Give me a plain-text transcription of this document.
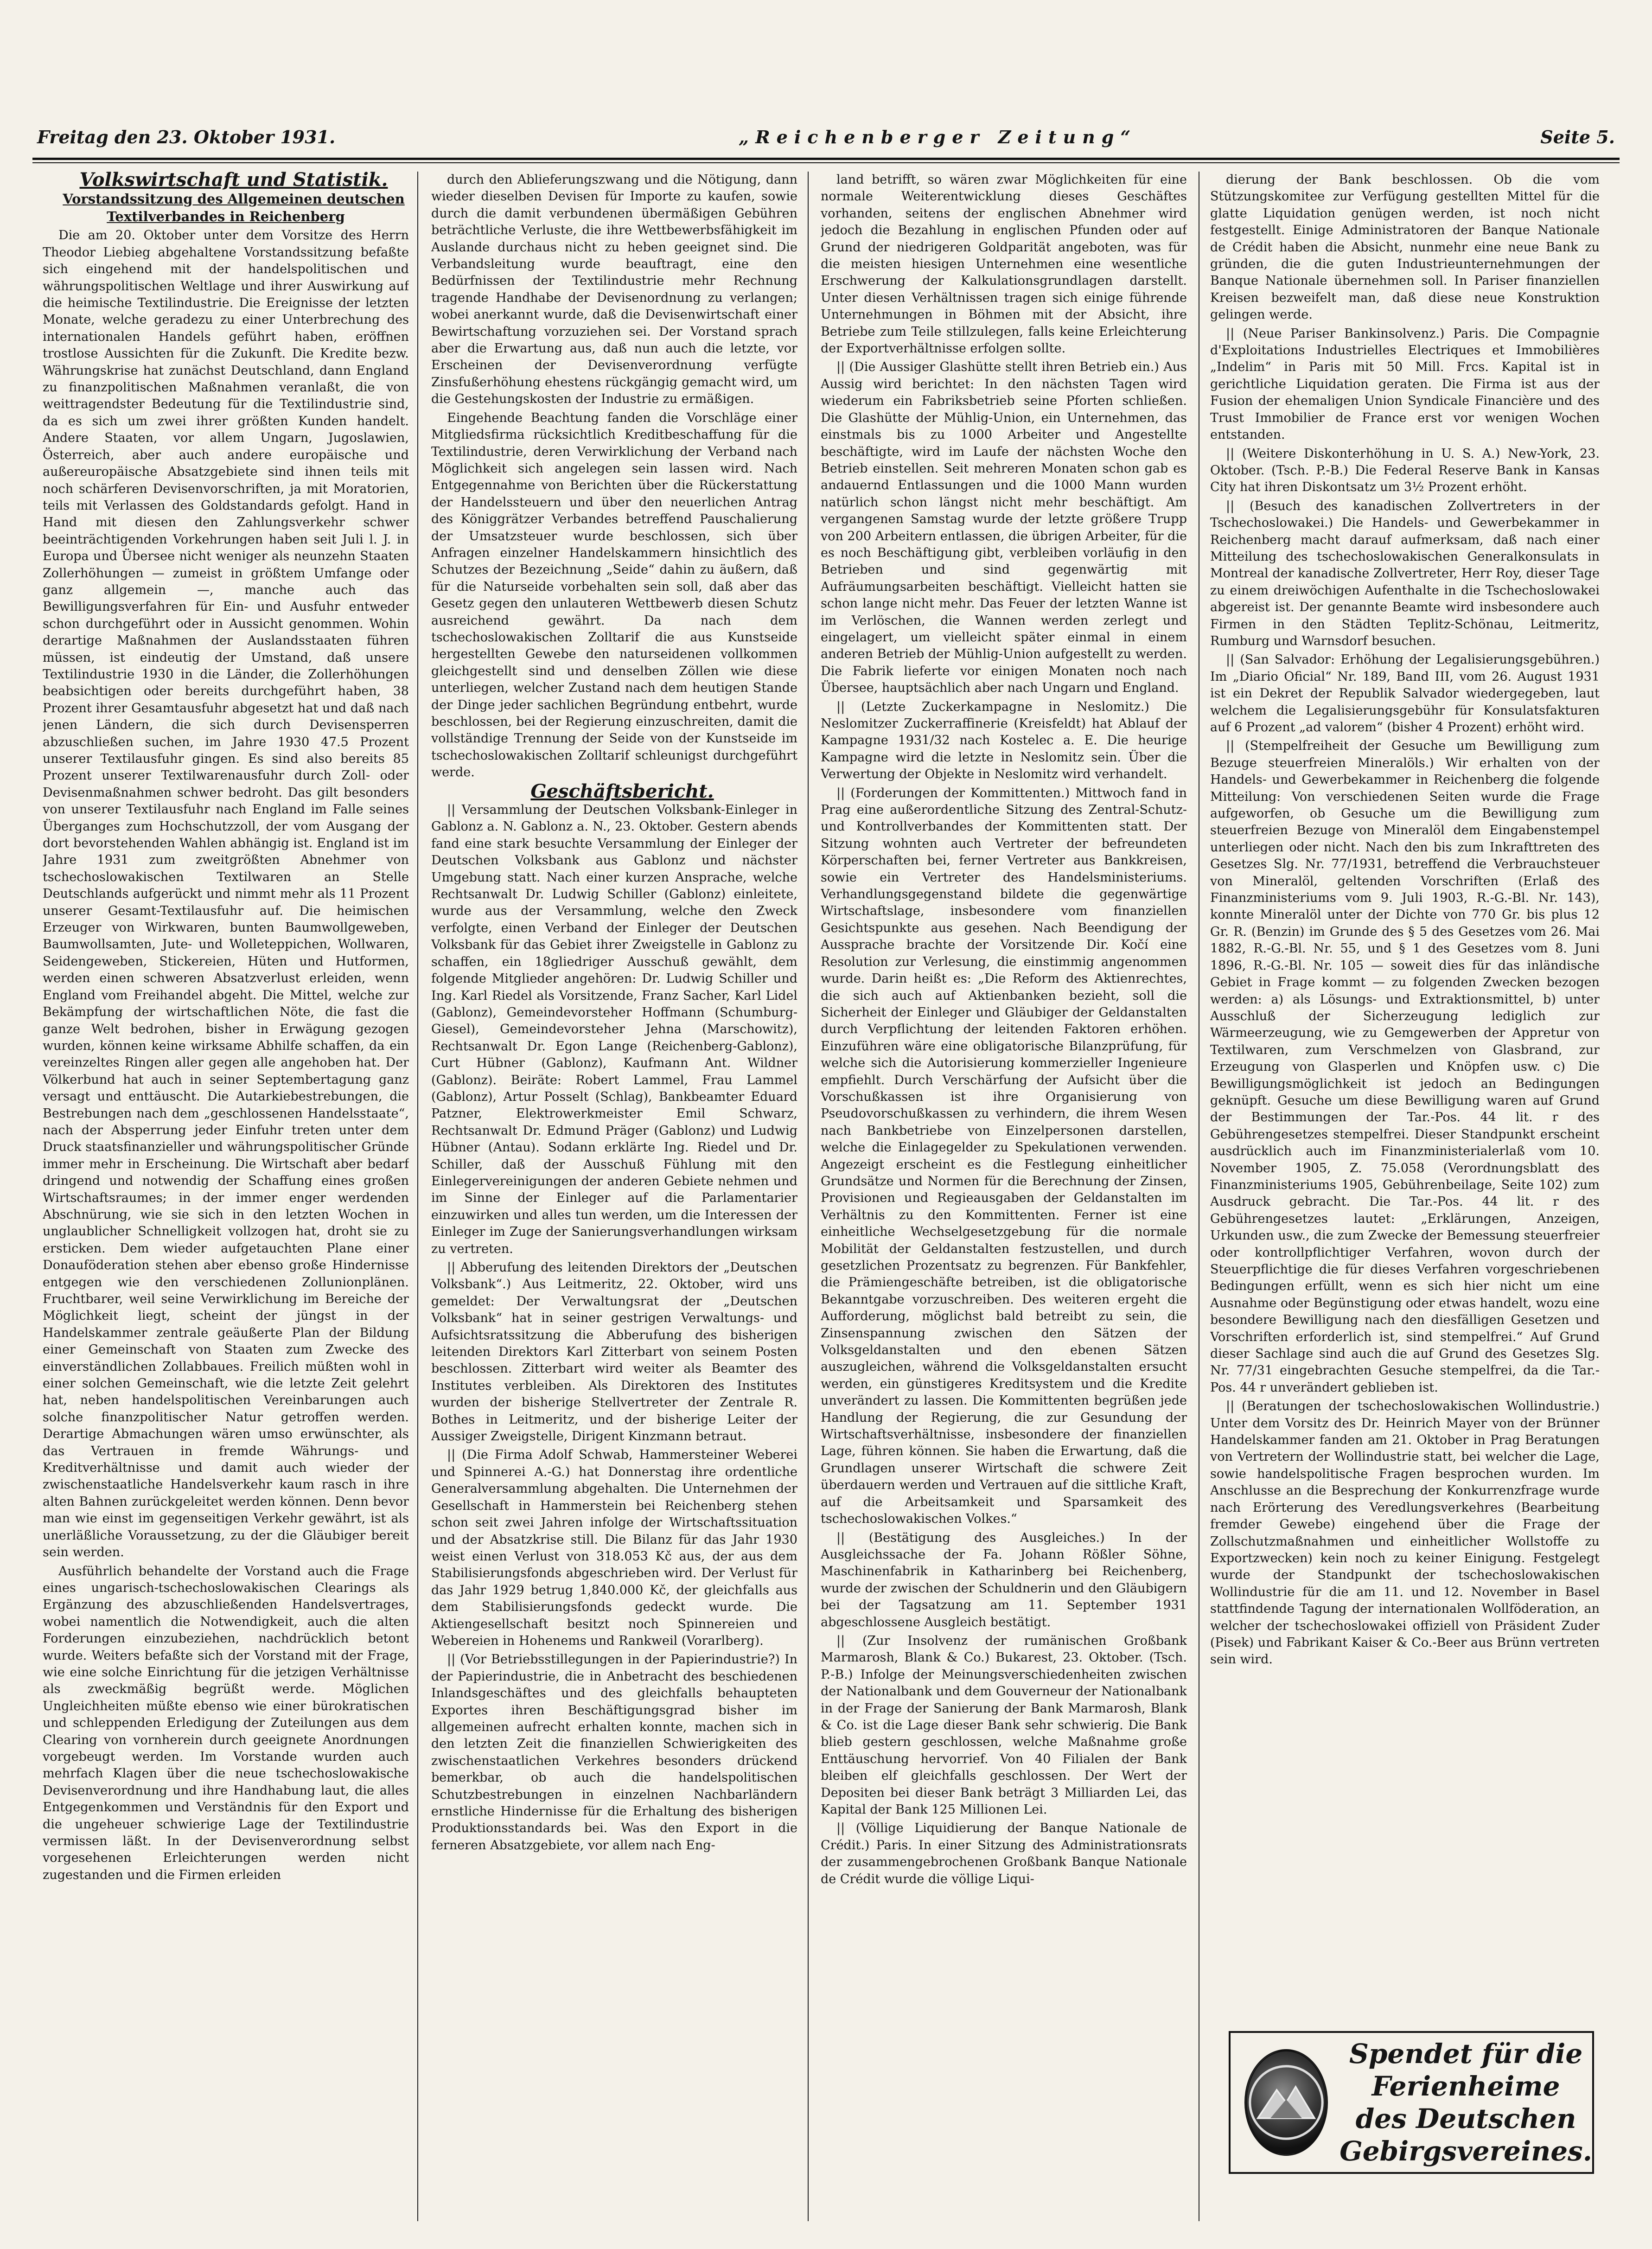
Freitag den 23. Oktober 1931.	„Reichenberger Zeitung“	Seite 5.

Volkswirtschaft und Statistik.

Vorstandssitzung des Allgemeinen deutschen Textilverbandes in Reichenberg

Die am 20. Oktober unter dem Vorsitze des Herrn Theodor Liebieg abgehaltene Vorstandssitzung befaßte sich eingehend mit der handelspolitischen und währungspolitischen Weltlage und ihrer Auswirkung auf die heimische Textilindustrie. Die Ereignisse der letzten Monate, welche geradezu zu einer Unterbrechung des internationalen Handels geführt haben, eröffnen trostlose Aussichten für die Zukunft. Die Kredite bezw. Währungskrise hat zunächst Deutschland, dann England zu finanzpolitischen Maßnahmen veranlaßt, die von weittragendster Bedeutung für die Textilindustrie sind, da es sich um zwei ihrer größten Kunden handelt. Andere Staaten, vor allem Ungarn, Jugoslawien, Österreich, aber auch andere europäische und außereuropäische Absatzgebiete sind ihnen teils mit noch schärferen Devisenvorschriften, ja mit Moratorien, teils mit Verlassen des Goldstandards gefolgt. Hand in Hand mit diesen den Zahlungsverkehr schwer beeinträchtigenden Vorkehrungen haben seit Juli l. J. in Europa und Übersee nicht weniger als neunzehn Staaten Zollerhöhungen — zumeist in größtem Umfange oder ganz allgemein —, manche auch das Bewilligungsverfahren für Ein- und Ausfuhr entweder schon durchgeführt oder in Aussicht genommen. Wohin derartige Maßnahmen der Auslandsstaaten führen müssen, ist eindeutig der Umstand, daß unsere Textilindustrie 1930 in die Länder, die Zollerhöhungen beabsichtigen oder bereits durchgeführt haben, 38 Prozent ihrer Gesamtausfuhr abgesetzt hat und daß nach jenen Ländern, die sich durch Devisensperren abzuschließen suchen, im Jahre 1930 47.5 Prozent unserer Textilausfuhr gingen. Es sind also bereits 85 Prozent unserer Textilwarenausfuhr durch Zoll- oder Devisenmaßnahmen schwer bedroht. Das gilt besonders von unserer Textilausfuhr nach England im Falle seines Überganges zum Hochschutzzoll, der vom Ausgang der dort bevorstehenden Wahlen abhängig ist. England ist im Jahre 1931 zum zweitgrößten Abnehmer von tschechoslowakischen Textilwaren an Stelle Deutschlands aufgerückt und nimmt mehr als 11 Prozent unserer Gesamt-Textilausfuhr auf. Die heimischen Erzeuger von Wirkwaren, bunten Baumwollgeweben, Baumwollsamten, Jute- und Wolleteppichen, Wollwaren, Seidengeweben, Stickereien, Hüten und Hutformen, werden einen schweren Absatzverlust erleiden, wenn England vom Freihandel abgeht. Die Mittel, welche zur Bekämpfung der wirtschaftlichen Nöte, die fast die ganze Welt bedrohen, bisher in Erwägung gezogen wurden, können keine wirksame Abhilfe schaffen, da ein vereinzeltes Ringen aller gegen alle angehoben hat. Der Völkerbund hat auch in seiner Septembertagung ganz versagt und enttäuscht. Die Autarkiebestrebungen, die Bestrebungen nach dem „geschlossenen Handelsstaate“, nach der Absperrung jeder Einfuhr treten unter dem Druck staatsfinanzieller und währungspolitischer Gründe immer mehr in Erscheinung. Die Wirtschaft aber bedarf dringend und notwendig der Schaffung eines großen Wirtschaftsraumes; in der immer enger werdenden Abschnürung, wie sie sich in den letzten Wochen in unglaublicher Schnelligkeit vollzogen hat, droht sie zu ersticken. Dem wieder aufgetauchten Plane einer Donauföderation stehen aber ebenso große Hindernisse entgegen wie den verschiedenen Zollunionplänen. Fruchtbarer, weil seine Verwirklichung im Bereiche der Möglichkeit liegt, scheint der jüngst in der Handelskammer zentrale geäußerte Plan der Bildung einer Gemeinschaft von Staaten zum Zwecke des einverständlichen Zollabbaues. Freilich müßten wohl in einer solchen Gemeinschaft, wie die letzte Zeit gelehrt hat, neben handelspolitischen Vereinbarungen auch solche finanzpolitischer Natur getroffen werden. Derartige Abmachungen wären umso erwünschter, als das Vertrauen in fremde Währungs- und Kreditverhältnisse und damit auch wieder der zwischenstaatliche Handelsverkehr kaum rasch in ihre alten Bahnen zurückgeleitet werden können. Denn bevor man wie einst im gegenseitigen Verkehr gewährt, ist als unerläßliche Voraussetzung, zu der die Gläubiger bereit sein werden.

Ausführlich behandelte der Vorstand auch die Frage eines ungarisch-tschechoslowakischen Clearings als Ergänzung des abzuschließenden Handelsvertrages, wobei namentlich die Notwendigkeit, auch die alten Forderungen einzubeziehen, nachdrücklich betont wurde. Weiters befaßte sich der Vorstand mit der Frage, wie eine solche Einrichtung für die jetzigen Verhältnisse als zweckmäßig begrüßt werde. Möglichen Ungleichheiten müßte ebenso wie einer bürokratischen und schleppenden Erledigung der Zuteilungen aus dem Clearing von vornherein durch geeignete Anordnungen vorgebeugt werden. Im Vorstande wurden auch mehrfach Klagen über die neue tschechoslowakische Devisenverordnung und ihre Handhabung laut, die alles Entgegenkommen und Verständnis für den Export und die ungeheuer schwierige Lage der Textilindustrie vermissen läßt. In der Devisenverordnung selbst vorgesehenen Erleichterungen werden nicht zugestanden und die Firmen erleiden

durch den Ablieferungszwang und die Nötigung, dann wieder dieselben Devisen für Importe zu kaufen, sowie durch die damit verbundenen übermäßigen Gebühren beträchtliche Verluste, die ihre Wettbewerbsfähigkeit im Auslande durchaus nicht zu heben geeignet sind. Die Verbandsleitung wurde beauftragt, eine den Bedürfnissen der Textilindustrie mehr Rechnung tragende Handhabe der Devisenordnung zu verlangen; wobei anerkannt wurde, daß die Devisenwirtschaft einer Bewirtschaftung vorzuziehen sei. Der Vorstand sprach aber die Erwartung aus, daß nun auch die letzte, vor Erscheinen der Devisenverordnung verfügte Zinsfußerhöhung ehestens rückgängig gemacht wird, um die Gestehungskosten der Industrie zu ermäßigen.

Eingehende Beachtung fanden die Vorschläge einer Mitgliedsfirma rücksichtlich Kreditbeschaffung für die Textilindustrie, deren Verwirklichung der Verband nach Möglichkeit sich angelegen sein lassen wird. Nach Entgegennahme von Berichten über die Rückerstattung der Handelssteuern und über den neuerlichen Antrag des Königgrätzer Verbandes betreffend Pauschalierung der Umsatzsteuer wurde beschlossen, sich über Anfragen einzelner Handelskammern hinsichtlich des Schutzes der Bezeichnung „Seide“ dahin zu äußern, daß für die Naturseide vorbehalten sein soll, daß aber das Gesetz gegen den unlauteren Wettbewerb diesen Schutz ausreichend gewährt. Da nach dem tschechoslowakischen Zolltarif die aus Kunstseide hergestellten Gewebe den naturseidenen vollkommen gleichgestellt sind und denselben Zöllen wie diese unterliegen, welcher Zustand nach dem heutigen Stande der Dinge jeder sachlichen Begründung entbehrt, wurde beschlossen, bei der Regierung einzuschreiten, damit die vollständige Trennung der Seide von der Kunstseide im tschechoslowakischen Zolltarif schleunigst durchgeführt werde.

Geschäftsbericht.

|| Versammlung der Deutschen Volksbank-Einleger in Gablonz a. N. Gablonz a. N., 23. Oktober. Gestern abends fand eine stark besuchte Versammlung der Einleger der Deutschen Volksbank aus Gablonz und nächster Umgebung statt. Nach einer kurzen Ansprache, welche Rechtsanwalt Dr. Ludwig Schiller (Gablonz) einleitete, wurde aus der Versammlung, welche den Zweck verfolgte, einen Verband der Einleger der Deutschen Volksbank für das Gebiet ihrer Zweigstelle in Gablonz zu schaffen, ein 18gliedriger Ausschuß gewählt, dem folgende Mitglieder angehören: Dr. Ludwig Schiller und Ing. Karl Riedel als Vorsitzende, Franz Sacher, Karl Lidel (Gablonz), Gemeindevorsteher Hoffmann (Schumburg-Giesel), Gemeindevorsteher Jehna (Marschowitz), Rechtsanwalt Dr. Egon Lange (Reichenberg-Gablonz), Curt Hübner (Gablonz), Kaufmann Ant. Wildner (Gablonz). Beiräte: Robert Lammel, Frau Lammel (Gablonz), Artur Posselt (Schlag), Bankbeamter Eduard Patzner, Elektrowerkmeister Emil Schwarz, Rechtsanwalt Dr. Edmund Präger (Gablonz) und Ludwig Hübner (Antau). Sodann erklärte Ing. Riedel und Dr. Schiller, daß der Ausschuß Fühlung mit den Einlegervereinigungen der anderen Gebiete nehmen und im Sinne der Einleger auf die Parlamentarier einzuwirken und alles tun werden, um die Interessen der Einleger im Zuge der Sanierungsverhandlungen wirksam zu vertreten.

|| Abberufung des leitenden Direktors der „Deutschen Volksbank“.) Aus Leitmeritz, 22. Oktober, wird uns gemeldet: Der Verwaltungsrat der „Deutschen Volksbank“ hat in seiner gestrigen Verwaltungs- und Aufsichtsratssitzung die Abberufung des bisherigen leitenden Direktors Karl Zitterbart von seinem Posten beschlossen. Zitterbart wird weiter als Beamter des Institutes verbleiben. Als Direktoren des Institutes wurden der bisherige Stellvertreter der Zentrale R. Bothes in Leitmeritz, und der bisherige Leiter der Aussiger Zweigstelle, Dirigent Kinzmann betraut.

|| (Die Firma Adolf Schwab, Hammersteiner Weberei und Spinnerei A.-G.) hat Donnerstag ihre ordentliche Generalversammlung abgehalten. Die Unternehmen der Gesellschaft in Hammerstein bei Reichenberg stehen schon seit zwei Jahren infolge der Wirtschaftssituation und der Absatzkrise still. Die Bilanz für das Jahr 1930 weist einen Verlust von 318.053 Kč aus, der aus dem Stabilisierungsfonds abgeschrieben wird. Der Verlust für das Jahr 1929 betrug 1,840.000 Kč, der gleichfalls aus dem Stabilisierungsfonds gedeckt wurde. Die Aktiengesellschaft besitzt noch Spinnereien und Webereien in Hohenems und Rankweil (Vorarlberg).

|| (Vor Betriebsstillegungen in der Papierindustrie?) In der Papierindustrie, die in Anbetracht des beschiedenen Inlandsgeschäftes und des gleichfalls behaupteten Exportes ihren Beschäftigungsgrad bisher im allgemeinen aufrecht erhalten konnte, machen sich in den letzten Zeit die finanziellen Schwierigkeiten des zwischenstaatlichen Verkehres besonders drückend bemerkbar, ob auch die handelspolitischen Schutzbestrebungen in einzelnen Nachbarländern ernstliche Hindernisse für die Erhaltung des bisherigen Produktionsstandards bei. Was den Export in die ferneren Absatzgebiete, vor allem nach Eng-

land betrifft, so wären zwar Möglichkeiten für eine normale Weiterentwicklung dieses Geschäftes vorhanden, seitens der englischen Abnehmer wird jedoch die Bezahlung in englischen Pfunden oder auf Grund der niedrigeren Goldparität angeboten, was für die meisten hiesigen Unternehmen eine wesentliche Erschwerung der Kalkulationsgrundlagen darstellt. Unter diesen Verhältnissen tragen sich einige führende Unternehmungen in Böhmen mit der Absicht, ihre Betriebe zum Teile stillzulegen, falls keine Erleichterung der Exportverhältnisse erfolgen sollte.

|| (Die Aussiger Glashütte stellt ihren Betrieb ein.) Aus Aussig wird berichtet: In den nächsten Tagen wird wiederum ein Fabriksbetrieb seine Pforten schließen. Die Glashütte der Mühlig-Union, ein Unternehmen, das einstmals bis zu 1000 Arbeiter und Angestellte beschäftigte, wird im Laufe der nächsten Woche den Betrieb einstellen. Seit mehreren Monaten schon gab es andauernd Entlassungen und die 1000 Mann wurden natürlich schon längst nicht mehr beschäftigt. Am vergangenen Samstag wurde der letzte größere Trupp von 200 Arbeitern entlassen, die übrigen Arbeiter, für die es noch Beschäftigung gibt, verbleiben vorläufig in den Betrieben und sind gegenwärtig mit Aufräumungsarbeiten beschäftigt. Vielleicht hatten sie schon lange nicht mehr. Das Feuer der letzten Wanne ist im Verlöschen, die Wannen werden zerlegt und eingelagert, um vielleicht später einmal in einem anderen Betrieb der Mühlig-Union aufgestellt zu werden. Die Fabrik lieferte vor einigen Monaten noch nach Übersee, hauptsächlich aber nach Ungarn und England.

|| (Letzte Zuckerkampagne in Neslomitz.) Die Neslomitzer Zuckerraffinerie (Kreisfeldt) hat Ablauf der Kampagne 1931/32 nach Kostelec a. E. Die heurige Kampagne wird die letzte in Neslomitz sein. Über die Verwertung der Objekte in Neslomitz wird verhandelt.

|| (Forderungen der Kommittenten.) Mittwoch fand in Prag eine außerordentliche Sitzung des Zentral-Schutz- und Kontrollverbandes der Kommittenten statt. Der Sitzung wohnten auch Vertreter der befreundeten Körperschaften bei, ferner Vertreter aus Bankkreisen, sowie ein Vertreter des Handelsministeriums. Verhandlungsgegenstand bildete die gegenwärtige Wirtschaftslage, insbesondere vom finanziellen Gesichtspunkte aus gesehen. Nach Beendigung der Aussprache brachte der Vorsitzende Dir. Kočí eine Resolution zur Verlesung, die einstimmig angenommen wurde. Darin heißt es: „Die Reform des Aktienrechtes, die sich auch auf Aktienbanken bezieht, soll die Sicherheit der Einleger und Gläubiger der Geldanstalten durch Verpflichtung der leitenden Faktoren erhöhen. Einzuführen wäre eine obligatorische Bilanzprüfung, für welche sich die Autorisierung kommerzieller Ingenieure empfiehlt. Durch Verschärfung der Aufsicht über die Vorschußkassen ist ihre Organisierung von Pseudovorschußkassen zu verhindern, die ihrem Wesen nach Bankbetriebe von Einzelpersonen darstellen, welche die Einlagegelder zu Spekulationen verwenden. Angezeigt erscheint es die Festlegung einheitlicher Grundsätze und Normen für die Berechnung der Zinsen, Provisionen und Regieausgaben der Geldanstalten im Verhältnis zu den Kommittenten. Ferner ist eine einheitliche Wechselgesetzgebung für die normale Mobilität der Geldanstalten festzustellen, und durch gesetzlichen Prozentsatz zu begrenzen. Für Bankfehler, die Prämiengeschäfte betreiben, ist die obligatorische Bekanntgabe vorzuschreiben. Des weiteren ergeht die Aufforderung, möglichst bald betreibt zu sein, die Zinsenspannung zwischen den Sätzen der Volksgeldanstalten und den ebenen Sätzen auszugleichen, während die Volksgeldanstalten ersucht werden, ein günstigeres Kreditsystem und die Kredite unverändert zu lassen. Die Kommittenten begrüßen jede Handlung der Regierung, die zur Gesundung der Wirtschaftsverhältnisse, insbesondere der finanziellen Lage, führen können. Sie haben die Erwartung, daß die Grundlagen unserer Wirtschaft die schwere Zeit überdauern werden und Vertrauen auf die sittliche Kraft, auf die Arbeitsamkeit und Sparsamkeit des tschechoslowakischen Volkes.“

|| (Bestätigung des Ausgleiches.) In der Ausgleichssache der Fa. Johann Rößler Söhne, Maschinenfabrik in Katharinberg bei Reichenberg, wurde der zwischen der Schuldnerin und den Gläubigern bei der Tagsatzung am 11. September 1931 abgeschlossene Ausgleich bestätigt.

|| (Zur Insolvenz der rumänischen Großbank Marmarosh, Blank & Co.) Bukarest, 23. Oktober. (Tsch. P.-B.) Infolge der Meinungsverschiedenheiten zwischen der Nationalbank und dem Gouverneur der Nationalbank in der Frage der Sanierung der Bank Marmarosh, Blank & Co. ist die Lage dieser Bank sehr schwierig. Die Bank blieb gestern geschlossen, welche Maßnahme große Enttäuschung hervorrief. Von 40 Filialen der Bank bleiben elf gleichfalls geschlossen. Der Wert der Depositen bei dieser Bank beträgt 3 Milliarden Lei, das Kapital der Bank 125 Millionen Lei.

|| (Völlige Liquidierung der Banque Nationale de Crédit.) Paris. In einer Sitzung des Administrationsrats der zusammengebrochenen Großbank Banque Nationale de Crédit wurde die völlige Liqui-

dierung der Bank beschlossen. Ob die vom Stützungskomitee zur Verfügung gestellten Mittel für die glatte Liquidation genügen werden, ist noch nicht festgestellt. Einige Administratoren der Banque Nationale de Crédit haben die Absicht, nunmehr eine neue Bank zu gründen, die die guten Industrieunternehmungen der Banque Nationale übernehmen soll. In Pariser finanziellen Kreisen bezweifelt man, daß diese neue Konstruktion gelingen werde.

|| (Neue Pariser Bankinsolvenz.) Paris. Die Compagnie d'Exploitations Industrielles Electriques et Immobilières „Indelim“ in Paris mit 50 Mill. Frcs. Kapital ist in gerichtliche Liquidation geraten. Die Firma ist aus der Fusion der ehemaligen Union Syndicale Financière und des Trust Immobilier de France erst vor wenigen Wochen entstanden.

|| (Weitere Diskonterhöhung in U. S. A.) New-York, 23. Oktober. (Tsch. P.-B.) Die Federal Reserve Bank in Kansas City hat ihren Diskontsatz um 3½ Prozent erhöht.

|| (Besuch des kanadischen Zollvertreters in der Tschechoslowakei.) Die Handels- und Gewerbekammer in Reichenberg macht darauf aufmerksam, daß nach einer Mitteilung des tschechoslowakischen Generalkonsulats in Montreal der kanadische Zollvertreter, Herr Roy, dieser Tage zu einem dreiwöchigen Aufenthalte in die Tschechoslowakei abgereist ist. Der genannte Beamte wird insbesondere auch Firmen in den Städten Teplitz-Schönau, Leitmeritz, Rumburg und Warnsdorf besuchen.

|| (San Salvador: Erhöhung der Legalisierungsgebühren.) Im „Diario Oficial“ Nr. 189, Band III, vom 26. August 1931 ist ein Dekret der Republik Salvador wiedergegeben, laut welchem die Legalisierungsgebühr für Konsulatsfakturen auf 6 Prozent „ad valorem“ (bisher 4 Prozent) erhöht wird.

|| (Stempelfreiheit der Gesuche um Bewilligung zum Bezuge steuerfreien Mineralöls.) Wir erhalten von der Handels- und Gewerbekammer in Reichenberg die folgende Mitteilung: Von verschiedenen Seiten wurde die Frage aufgeworfen, ob Gesuche um die Bewilligung zum steuerfreien Bezuge von Mineralöl dem Eingabenstempel unterliegen oder nicht. Nach den bis zum Inkrafttreten des Gesetzes Slg. Nr. 77/1931, betreffend die Verbrauchsteuer von Mineralöl, geltenden Vorschriften (Erlaß des Finanzministeriums vom 9. Juli 1903, R.-G.-Bl. Nr. 143), konnte Mineralöl unter der Dichte von 770 Gr. bis plus 12 Gr. R. (Benzin) im Grunde des § 5 des Gesetzes vom 26. Mai 1882, R.-G.-Bl. Nr. 55, und § 1 des Gesetzes vom 8. Juni 1896, R.-G.-Bl. Nr. 105 — soweit dies für das inländische Gebiet in Frage kommt — zu folgenden Zwecken bezogen werden: a) als Lösungs- und Extraktionsmittel, b) unter Ausschluß der Sicherzeugung lediglich zur Wärmeerzeugung, wie zu Gemgewerben der Appretur von Textilwaren, zum Verschmelzen von Glasbrand, zur Erzeugung von Glasperlen und Knöpfen usw. c) Die Bewilligungsmöglichkeit ist jedoch an Bedingungen geknüpft. Gesuche um diese Bewilligung waren auf Grund der Bestimmungen der Tar.-Pos. 44 lit. r des Gebührengesetzes stempelfrei. Dieser Standpunkt erscheint ausdrücklich auch im Finanzministerialerlaß vom 10. November 1905, Z. 75.058 (Verordnungsblatt des Finanzministeriums 1905, Gebührenbeilage, Seite 102) zum Ausdruck gebracht. Die Tar.-Pos. 44 lit. r des Gebührengesetzes lautet: „Erklärungen, Anzeigen, Urkunden usw., die zum Zwecke der Bemessung steuerfreier oder kontrollpflichtiger Verfahren, wovon durch der Steuerpflichtige die für dieses Verfahren vorgeschriebenen Bedingungen erfüllt, wenn es sich hier nicht um eine Ausnahme oder Begünstigung oder etwas handelt, wozu eine besondere Bewilligung nach den diesfälligen Gesetzen und Vorschriften erforderlich ist, sind stempelfrei.“ Auf Grund dieser Sachlage sind auch die auf Grund des Gesetzes Slg. Nr. 77/31 eingebrachten Gesuche stempelfrei, da die Tar.-Pos. 44 r unverändert geblieben ist.

|| (Beratungen der tschechoslowakischen Wollindustrie.) Unter dem Vorsitz des Dr. Heinrich Mayer von der Brünner Handelskammer fanden am 21. Oktober in Prag Beratungen von Vertretern der Wollindustrie statt, bei welcher die Lage, sowie handelspolitische Fragen besprochen wurden. Im Anschlusse an die Besprechung der Konkurrenzfrage wurde nach Erörterung des Veredlungsverkehres (Bearbeitung fremder Gewebe) eingehend über die Frage der Zollschutzmaßnahmen und einheitlicher Wollstoffe zu Exportzwecken) kein noch zu keiner Einigung. Festgelegt wurde der Standpunkt der tschechoslowakischen Wollindustrie für die am 11. und 12. November in Basel stattfindende Tagung der internationalen Wollföderation, an welcher der tschechoslowakei offiziell von Präsident Zuder (Pisek) und Fabrikant Kaiser & Co.-Beer aus Brünn vertreten sein wird.

Spendet für die
Ferienheime
des Deutschen
Gebirgsvereines.
